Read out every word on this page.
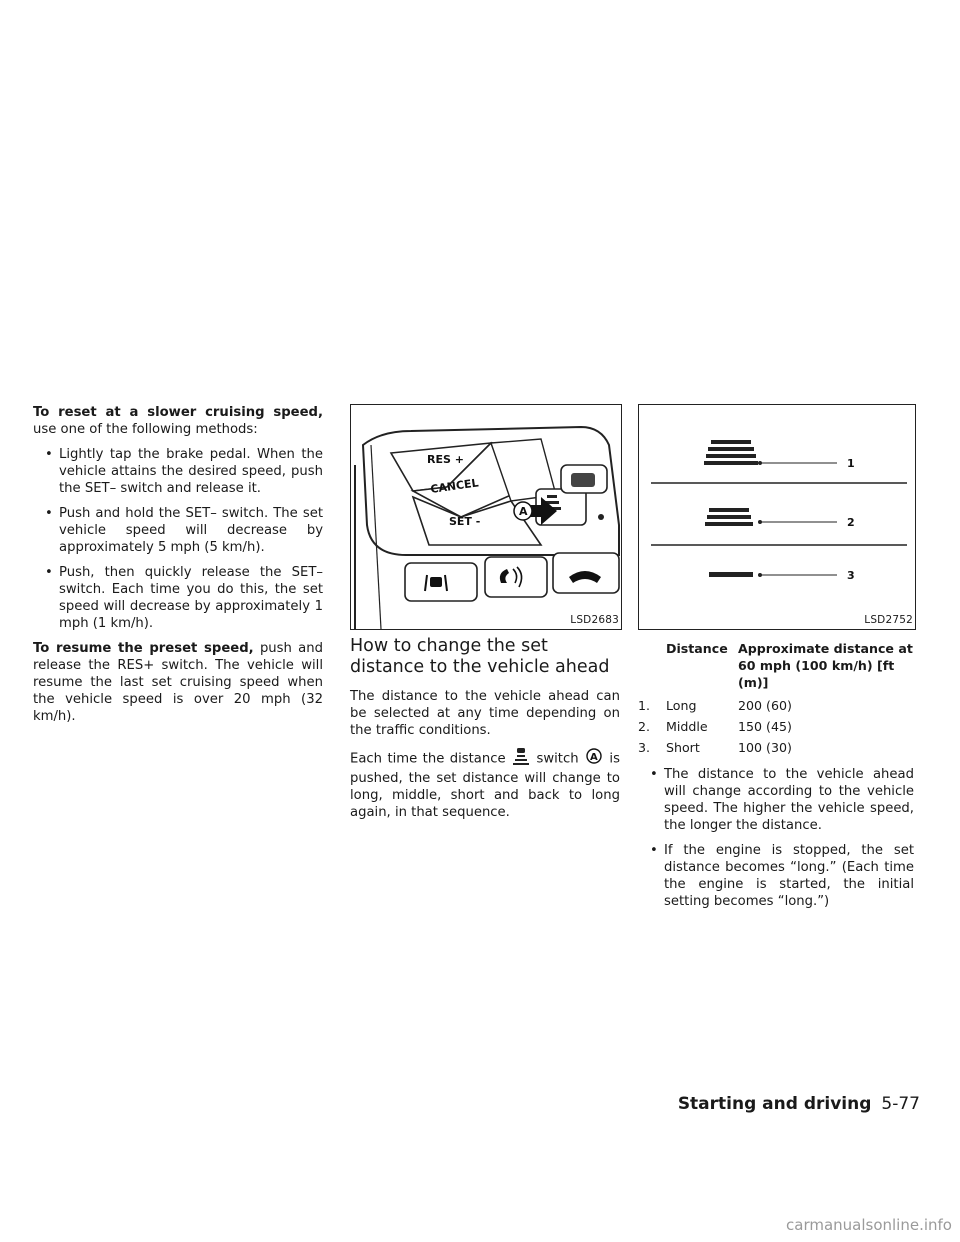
To reset at a slower cruising speed, use one of the following methods:

• Lightly tap the brake pedal. When the vehicle attains the desired speed, push the SET– switch and release it.
• Push and hold the SET– switch. The set vehicle speed will decrease by approximately 5 mph (5 km/h).
• Push, then quickly release the SET– switch. Each time you do this, the set speed will decrease by approximately 1 mph (1 km/h).

To resume the preset speed, push and release the RES+ switch. The vehicle will resume the last set cruising speed when the vehicle speed is over 20 mph (32 km/h).

RES +
CANCEL
SET -
A
LSD2683
How to change the set distance to the vehicle ahead

The distance to the vehicle ahead can be selected at any time depending on the traffic conditions.

Each time the distance switch A is pushed, the set distance will change to long, middle, short and back to long again, in that sequence.

1
2
3
LSD2752
	Distance	Approximate distance at 60 mph (100 km/h) [ft (m)]
1.	Long	200 (60)
2.	Middle	150 (45)
3.	Short	100 (30)
• The distance to the vehicle ahead will change according to the vehicle speed. The higher the vehicle speed, the longer the distance.
• If the engine is stopped, the set distance becomes “long.” (Each time the engine is started, the initial setting becomes “long.”)
Starting and driving 5-77
carmanualsonline.info
